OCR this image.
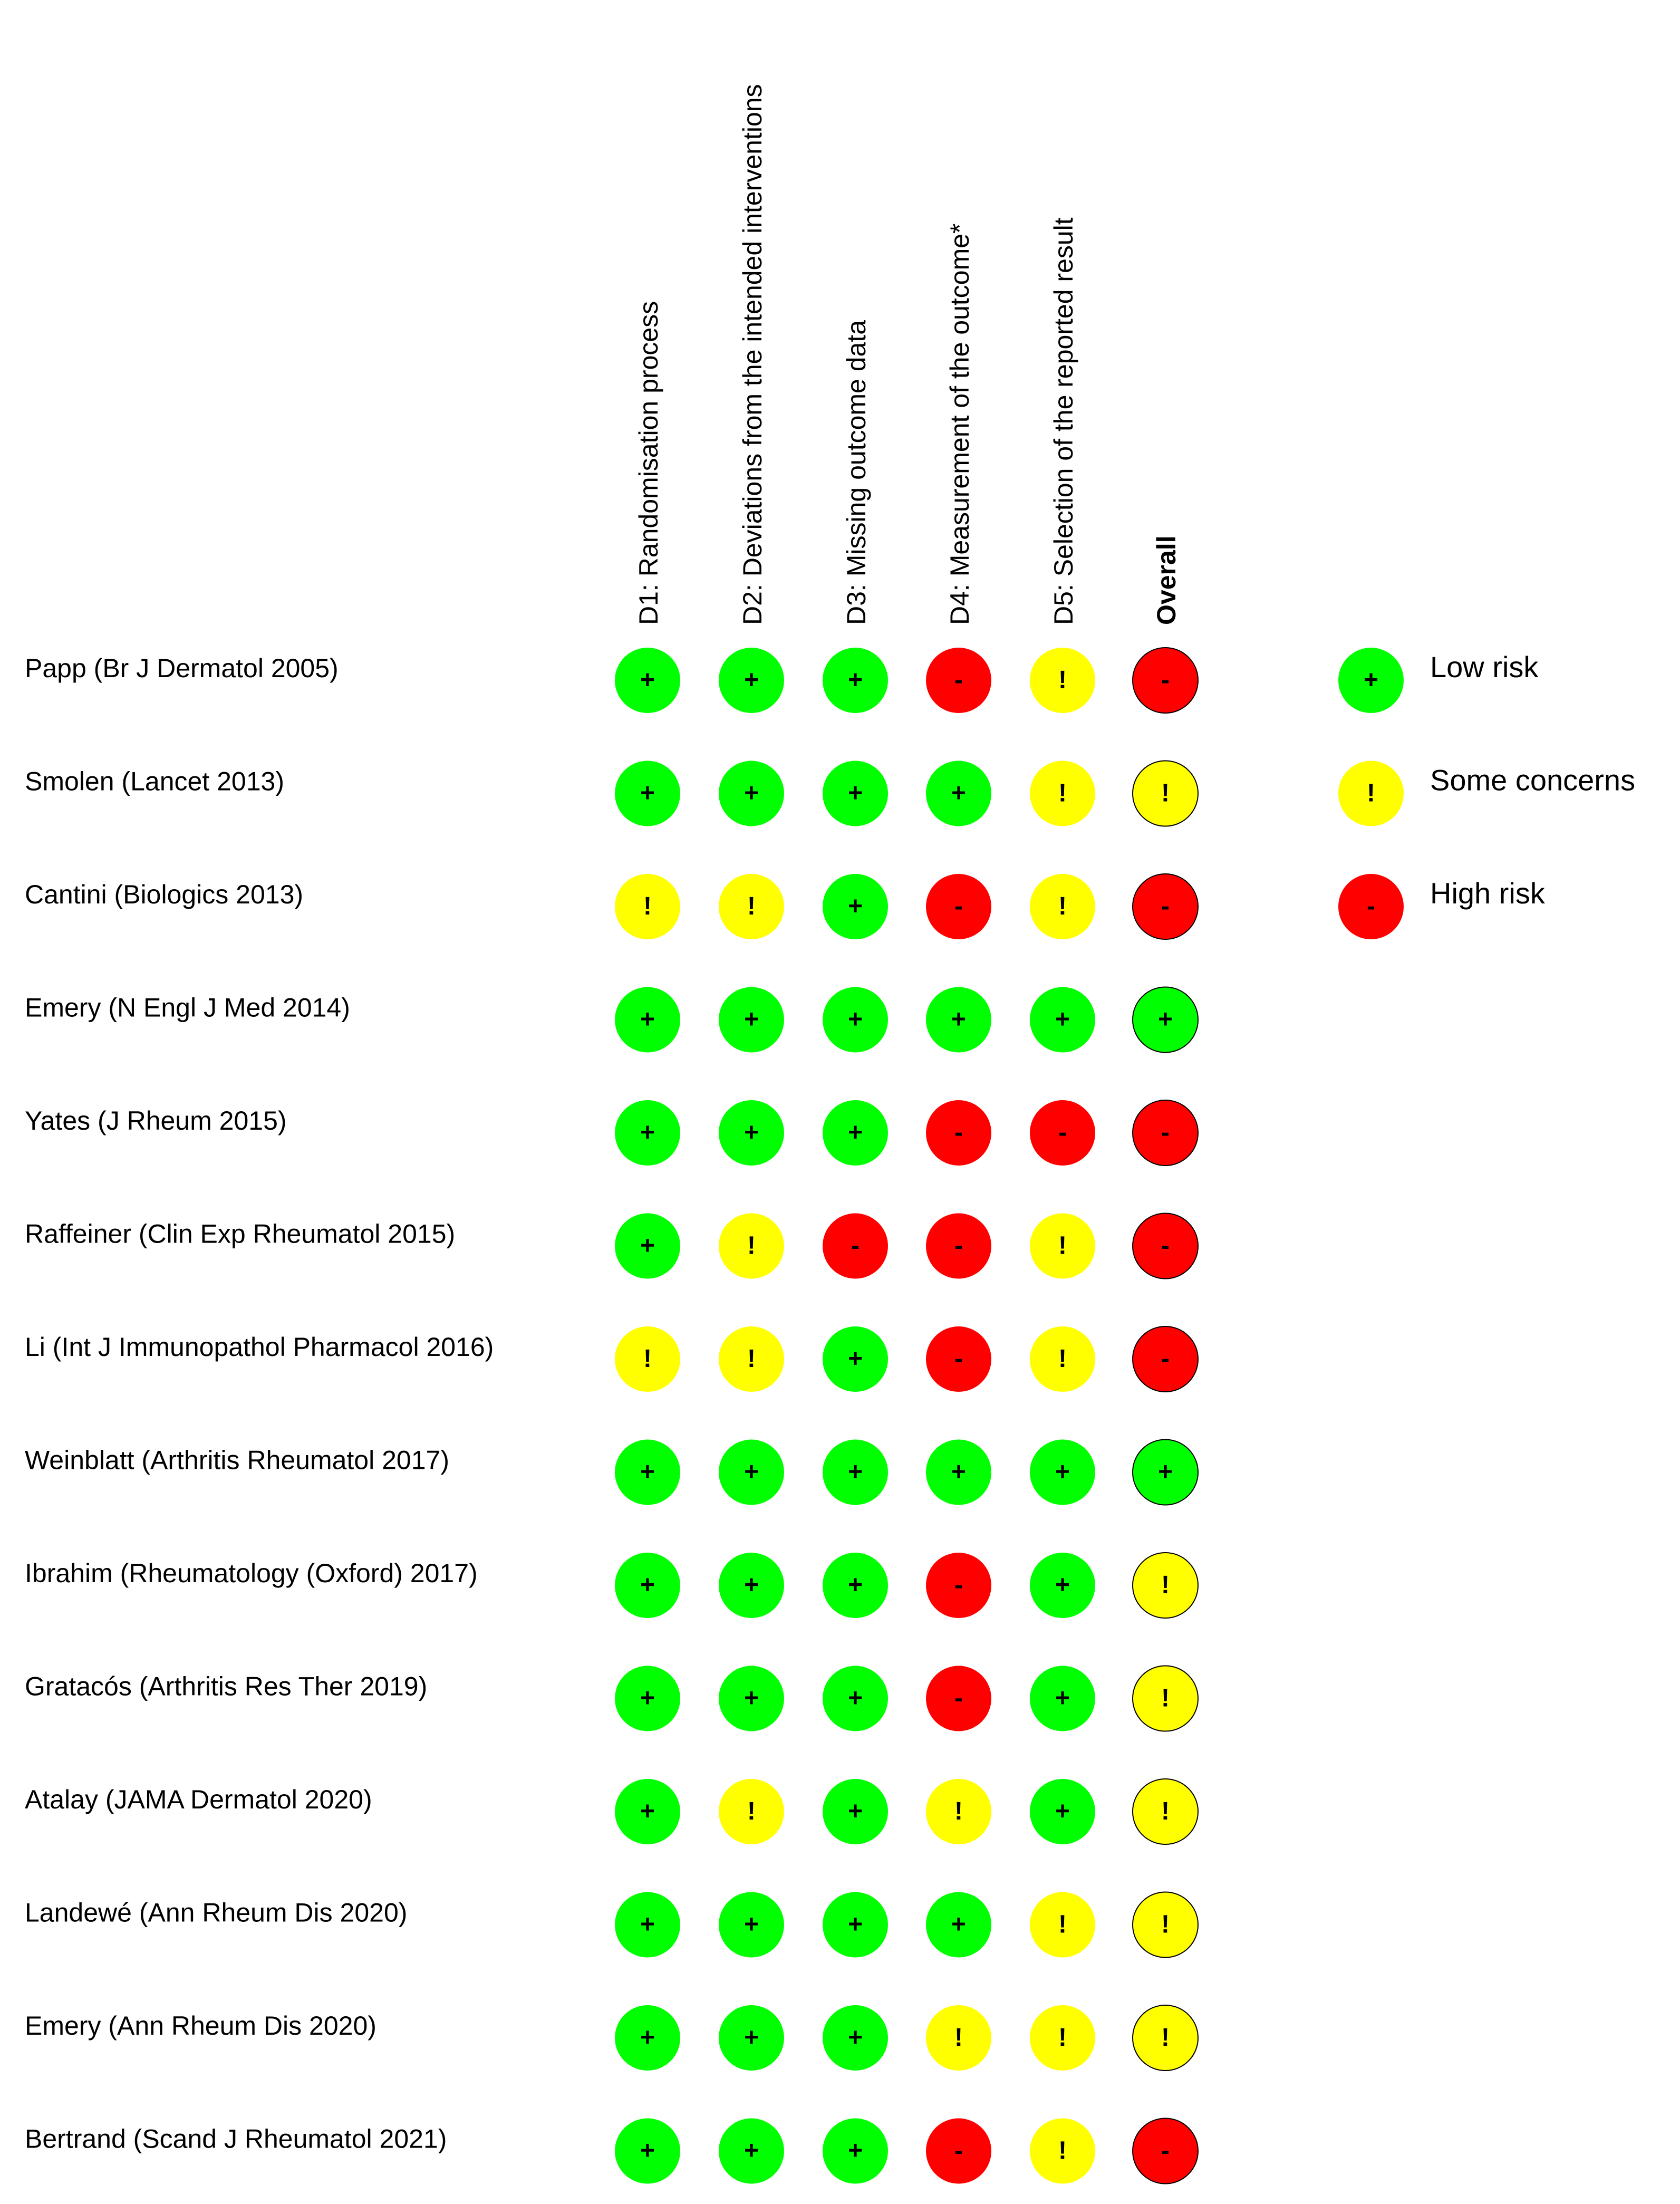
D1: Randomisation process	D2: Deviations from the intended interventions	D3: Missing outcome data	D4: Measurement of the outcome*	D5: Selection of the reported result	Overall
Papp (Br J Dermatol 2005)	+	+	+	-	!	-
Smolen (Lancet 2013)	+	+	+	+	!	!
Cantini (Biologics 2013)	!	!	+	-	!	-
Emery (N Engl J Med 2014)	+	+	+	+	+	+
Yates (J Rheum 2015)	+	+	+	-	-	-
Raffeiner (Clin Exp Rheumatol 2015)	+	!	-	-	!	-
Li (Int J Immunopathol Pharmacol 2016)	!	!	+	-	!	-
Weinblatt (Arthritis Rheumatol 2017)	+	+	+	+	+	+
Ibrahim (Rheumatology (Oxford) 2017)	+	+	+	-	+	!
Gratacós (Arthritis Res Ther 2019)	+	+	+	-	+	!
Atalay (JAMA Dermatol 2020)	+	!	+	!	+	!
Landewé (Ann Rheum Dis 2020)	+	+	+	+	!	!
Emery (Ann Rheum Dis 2020)	+	+	+	!	!	!
Bertrand (Scand J Rheumatol 2021)	+	+	+	-	!	-
+ Low risk
! Some concerns
- High risk
